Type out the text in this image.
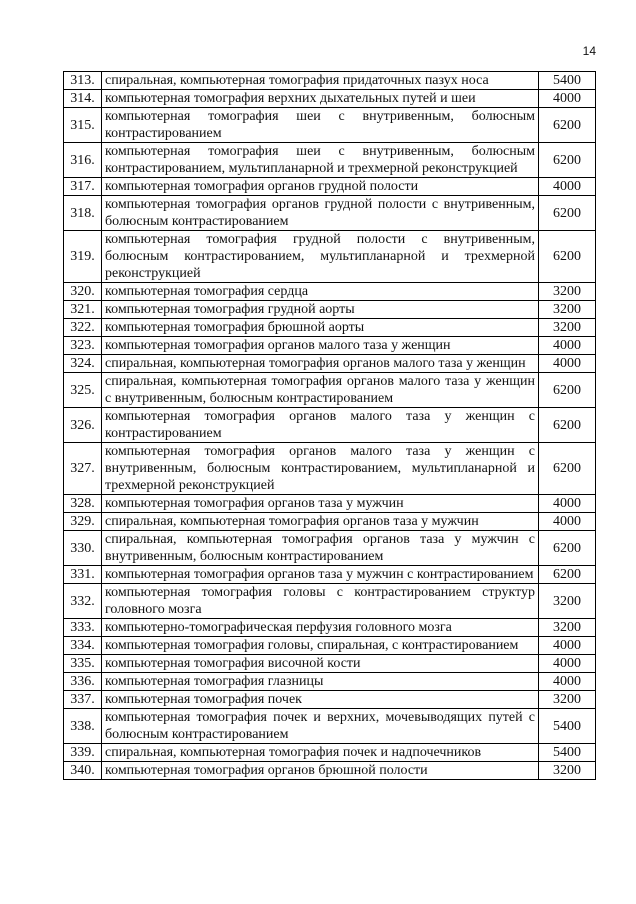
14
313.	спиральная, компьютерная томография придаточных пазух носа	5400
314.	компьютерная томография верхних дыхательных путей и шеи	4000
315.	компьютерная томография шеи с внутривенным, болюсным контрастированием	6200
316.	компьютерная томография шеи с внутривенным, болюсным контрастированием, мультипланарной и трехмерной реконструкцией	6200
317.	компьютерная томография органов грудной полости	4000
318.	компьютерная томография органов грудной полости с внутривенным, болюсным контрастированием	6200
319.	компьютерная томография грудной полости с внутривенным, болюсным контрастированием, мультипланарной и трехмерной реконструкцией	6200
320.	компьютерная томография сердца	3200
321.	компьютерная томография грудной аорты	3200
322.	компьютерная томография брюшной аорты	3200
323.	компьютерная томография органов малого таза у женщин	4000
324.	спиральная, компьютерная томография органов малого таза у женщин	4000
325.	спиральная, компьютерная томография органов малого таза у женщин с внутривенным, болюсным контрастированием	6200
326.	компьютерная томография органов малого таза у женщин с контрастированием	6200
327.	компьютерная томография органов малого таза у женщин с внутривенным, болюсным контрастированием, мультипланарной и трехмерной реконструкцией	6200
328.	компьютерная томография органов таза у мужчин	4000
329.	спиральная, компьютерная томография органов таза у мужчин	4000
330.	спиральная, компьютерная томография органов таза у мужчин с внутривенным, болюсным контрастированием	6200
331.	компьютерная томография органов таза у мужчин с контрастированием	6200
332.	компьютерная томография головы с контрастированием структур головного мозга	3200
333.	компьютерно-томографическая перфузия головного мозга	3200
334.	компьютерная томография головы, спиральная, с контрастированием	4000
335.	компьютерная томография височной кости	4000
336.	компьютерная томография глазницы	4000
337.	компьютерная томография почек	3200
338.	компьютерная томография почек и верхних, мочевыводящих путей с болюсным контрастированием	5400
339.	спиральная, компьютерная томография почек и надпочечников	5400
340.	компьютерная томография органов брюшной полости	3200
